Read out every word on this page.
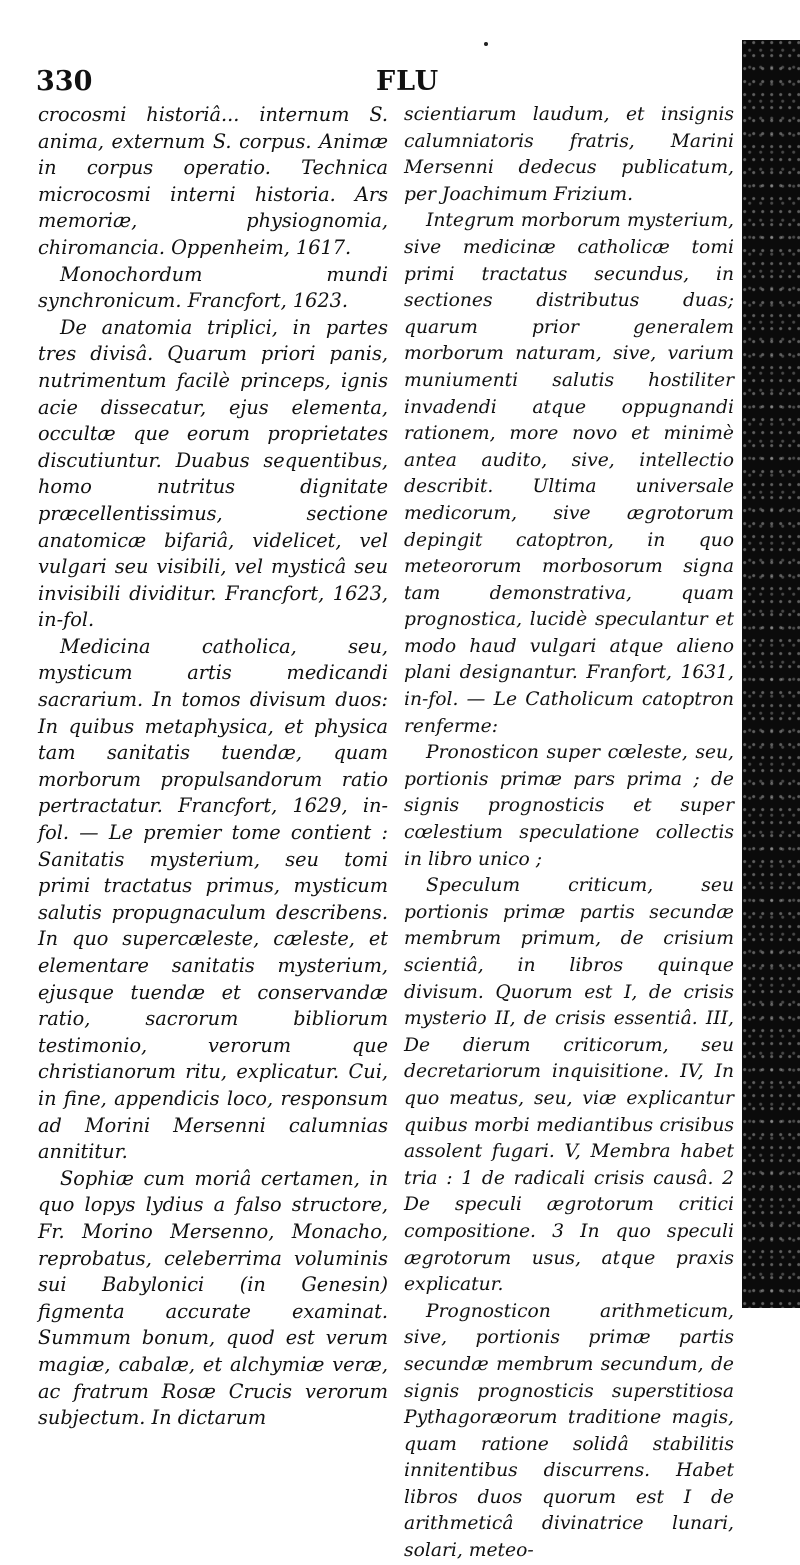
330	FLU

crocosmi historiâ... internum S. anima, externum S. corpus. Animæ in corpus operatio. Technica microcosmi interni historia. Ars memoriæ, physiognomia, chiromancia. Oppenheim, 1617.

Monochordum mundi synchronicum. Francfort, 1623.

De anatomia triplici, in partes tres divisâ. Quarum priori panis, nutrimentum facilè princeps, ignis acie dissecatur, ejus elementa, occultæ que eorum proprietates discutiuntur. Duabus sequentibus, homo nutritus dignitate præcellentissimus, sectione anatomicæ bifariâ, videlicet, vel vulgari seu visibili, vel mysticâ seu invisibili dividitur. Francfort, 1623, in-fol.

Medicina catholica, seu, mysticum artis medicandi sacrarium. In tomos divisum duos: In quibus metaphysica, et physica tam sanitatis tuendæ, quam morborum propulsandorum ratio pertractatur. Francfort, 1629, in-fol. — Le premier tome contient : Sanitatis mysterium, seu tomi primi tractatus primus, mysticum salutis propugnaculum describens. In quo supercæleste, cæleste, et elementare sanitatis mysterium, ejusque tuendæ et conservandæ ratio, sacrorum bibliorum testimonio, verorum que christianorum ritu, explicatur. Cui, in fine, appendicis loco, responsum ad Morini Mersenni calumnias annititur.

Sophiæ cum moriâ certamen, in quo lopys lydius a falso structore, Fr. Morino Mersenno, Monacho, reprobatus, celeberrima voluminis sui Babylonici (in Genesin) figmenta accurate examinat. Summum bonum, quod est verum magiæ, cabalæ, et alchymiæ veræ, ac fratrum Rosæ Crucis verorum subjectum. In dictarum

scientiarum laudum, et insignis calumniatoris fratris, Marini Mersenni dedecus publicatum, per Joachimum Frizium.

Integrum morborum mysterium, sive medicinæ catholicæ tomi primi tractatus secundus, in sectiones distributus duas; quarum prior generalem morborum naturam, sive, varium muniumenti salutis hostiliter invadendi atque oppugnandi rationem, more novo et minimè antea audito, sive, intellectio describit. Ultima universale medicorum, sive ægrotorum depingit catoptron, in quo meteororum morbosorum signa tam demonstrativa, quam prognostica, lucidè speculantur et modo haud vulgari atque alieno plani designantur. Franfort, 1631, in-fol. — Le Catholicum catoptron renferme:

Pronosticon super cœleste, seu, portionis primæ pars prima ; de signis prognosticis et super cœlestium speculatione collectis in libro unico ;

Speculum criticum, seu portionis primæ partis secundæ membrum primum, de crisium scientiâ, in libros quinque divisum. Quorum est I, de crisis mysterio II, de crisis essentiâ. III, De dierum criticorum, seu decretariorum inquisitione. IV, In quo meatus, seu, viæ explicantur quibus morbi mediantibus crisibus assolent fugari. V, Membra habet tria : 1 de radicali crisis causâ. 2 De speculi ægrotorum critici compositione. 3 In quo speculi ægrotorum usus, atque praxis explicatur.

Prognosticon arithmeticum, sive, portionis primæ partis secundæ membrum secundum, de signis prognosticis superstitiosa Pythagoræorum traditione magis, quam ratione solidâ stabilitis innitentibus discurrens. Habet libros duos quorum est I de arithmeticâ divinatrice lunari, solari, meteo-
